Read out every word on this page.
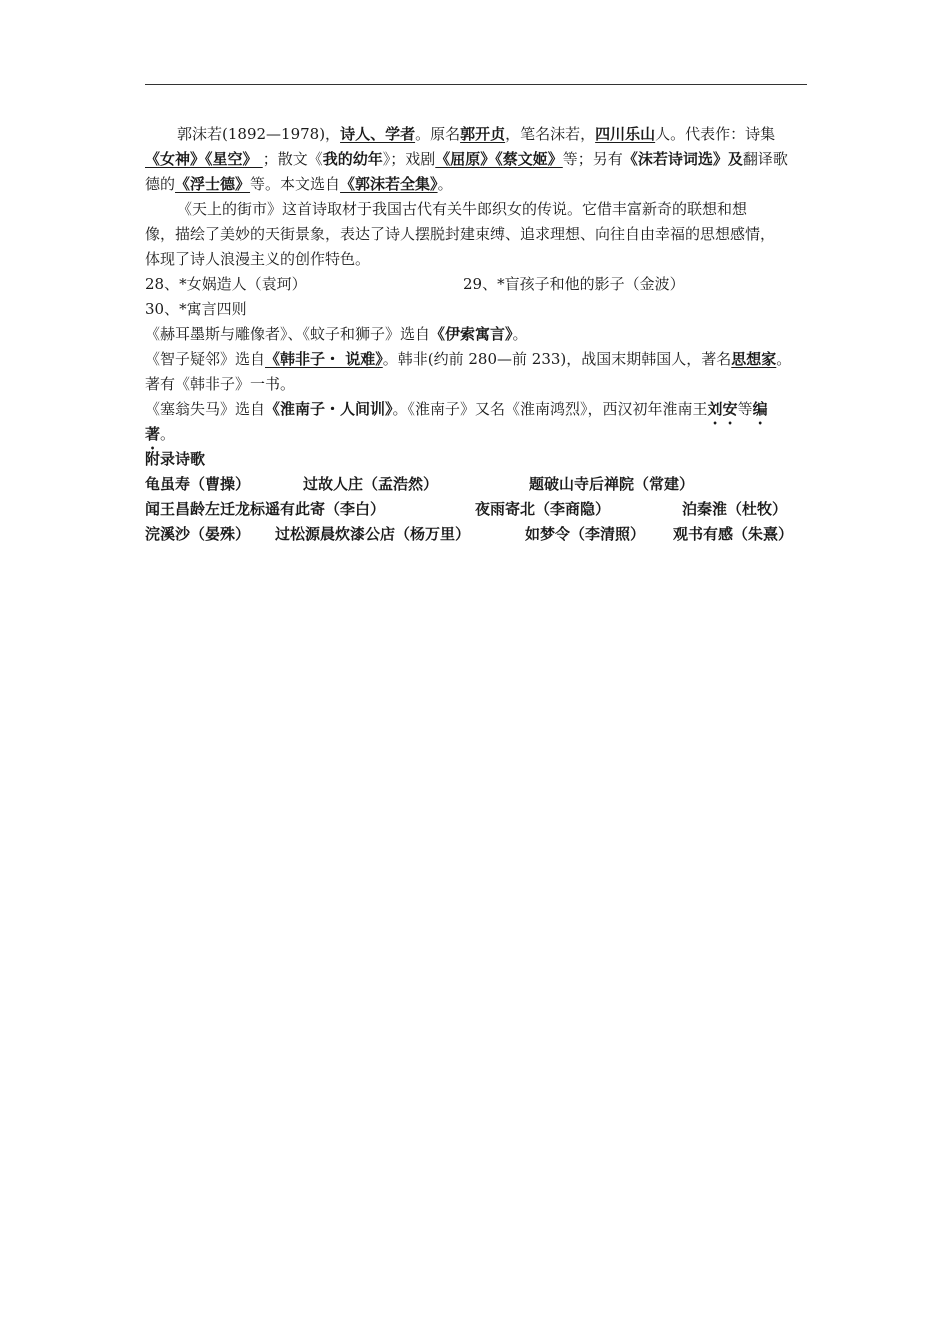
郭沫若(1892—1978)，诗人、学者。原名郭开贞，笔名沫若，四川乐山人。代表作：诗集
《女神》《星空》 ；散文《我的幼年》；戏剧《屈原》《蔡文姬》等；另有《沫若诗词选》及翻译歌
德的《浮士德》等。本文选自《郭沫若全集》。
《天上的街市》这首诗取材于我国古代有关牛郎织女的传说。它借丰富新奇的联想和想
像，描绘了美妙的天街景象，表达了诗人摆脱封建束缚、追求理想、向往自由幸福的思想感情，
体现了诗人浪漫主义的创作特色。
28、*女娲造人（袁珂）	29、*盲孩子和他的影子（金波）
30、*寓言四则
《赫耳墨斯与雕像者》、《蚊子和狮子》选自《伊索寓言》。
《智子疑邻》选自《韩非子・ 说难》。韩非(约前 280—前 233)，战国末期韩国人，著名思想家。
著有《韩非子》一书。
《塞翁失马》选自《淮南子・人间训》。《淮南子》又名《淮南鸿烈》，西汉初年淮南王刘安等编
著。
附录诗歌
龟虽寿（曹操）	过故人庄（孟浩然）	题破山寺后禅院（常建）
闻王昌龄左迁龙标遥有此寄（李白）	夜雨寄北（李商隐）	泊秦淮（杜牧）
浣溪沙（晏殊） 过松源晨炊漆公店（杨万里）	如梦令（李清照） 观书有感（朱熹）
